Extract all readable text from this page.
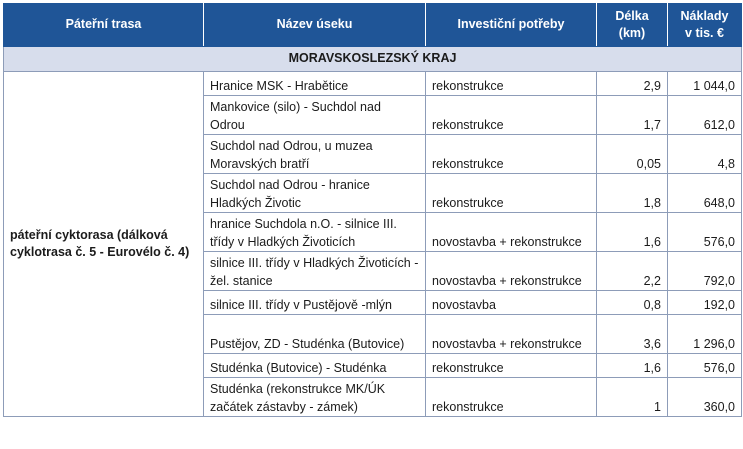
Páteřní trasa	Název úseku	Investiční potřeby	Délka (km)	Náklady v tis. €
MORAVSKOSLEZSKÝ KRAJ				
páteřní cyktorasa (dálková cyklotrasa č. 5 - Eurovélo č. 4)	Hranice MSK - Hrabětice	rekonstrukce	2,9	1 044,0
	Mankovice (silo) - Suchdol nad Odrou	rekonstrukce	1,7	612,0
	Suchdol nad Odrou, u muzea Moravských bratří	rekonstrukce	0,05	4,8
	Suchdol nad Odrou - hranice Hladkých Životic	rekonstrukce	1,8	648,0
	hranice Suchdola n.O. - silnice III. třídy v Hladkých Životicích	novostavba + rekonstrukce	1,6	576,0
	silnice III. třídy v Hladkých Životicích - žel. stanice	novostavba + rekonstrukce	2,2	792,0
	silnice III. třídy v Pustějově -mlýn	novostavba	0,8	192,0
	Pustějov, ZD - Studénka (Butovice)	novostavba + rekonstrukce	3,6	1 296,0
	Studénka (Butovice) - Studénka	rekonstrukce	1,6	576,0
	Studénka (rekonstrukce MK/ÚK začátek zástavby - zámek)	rekonstrukce	1	360,0
